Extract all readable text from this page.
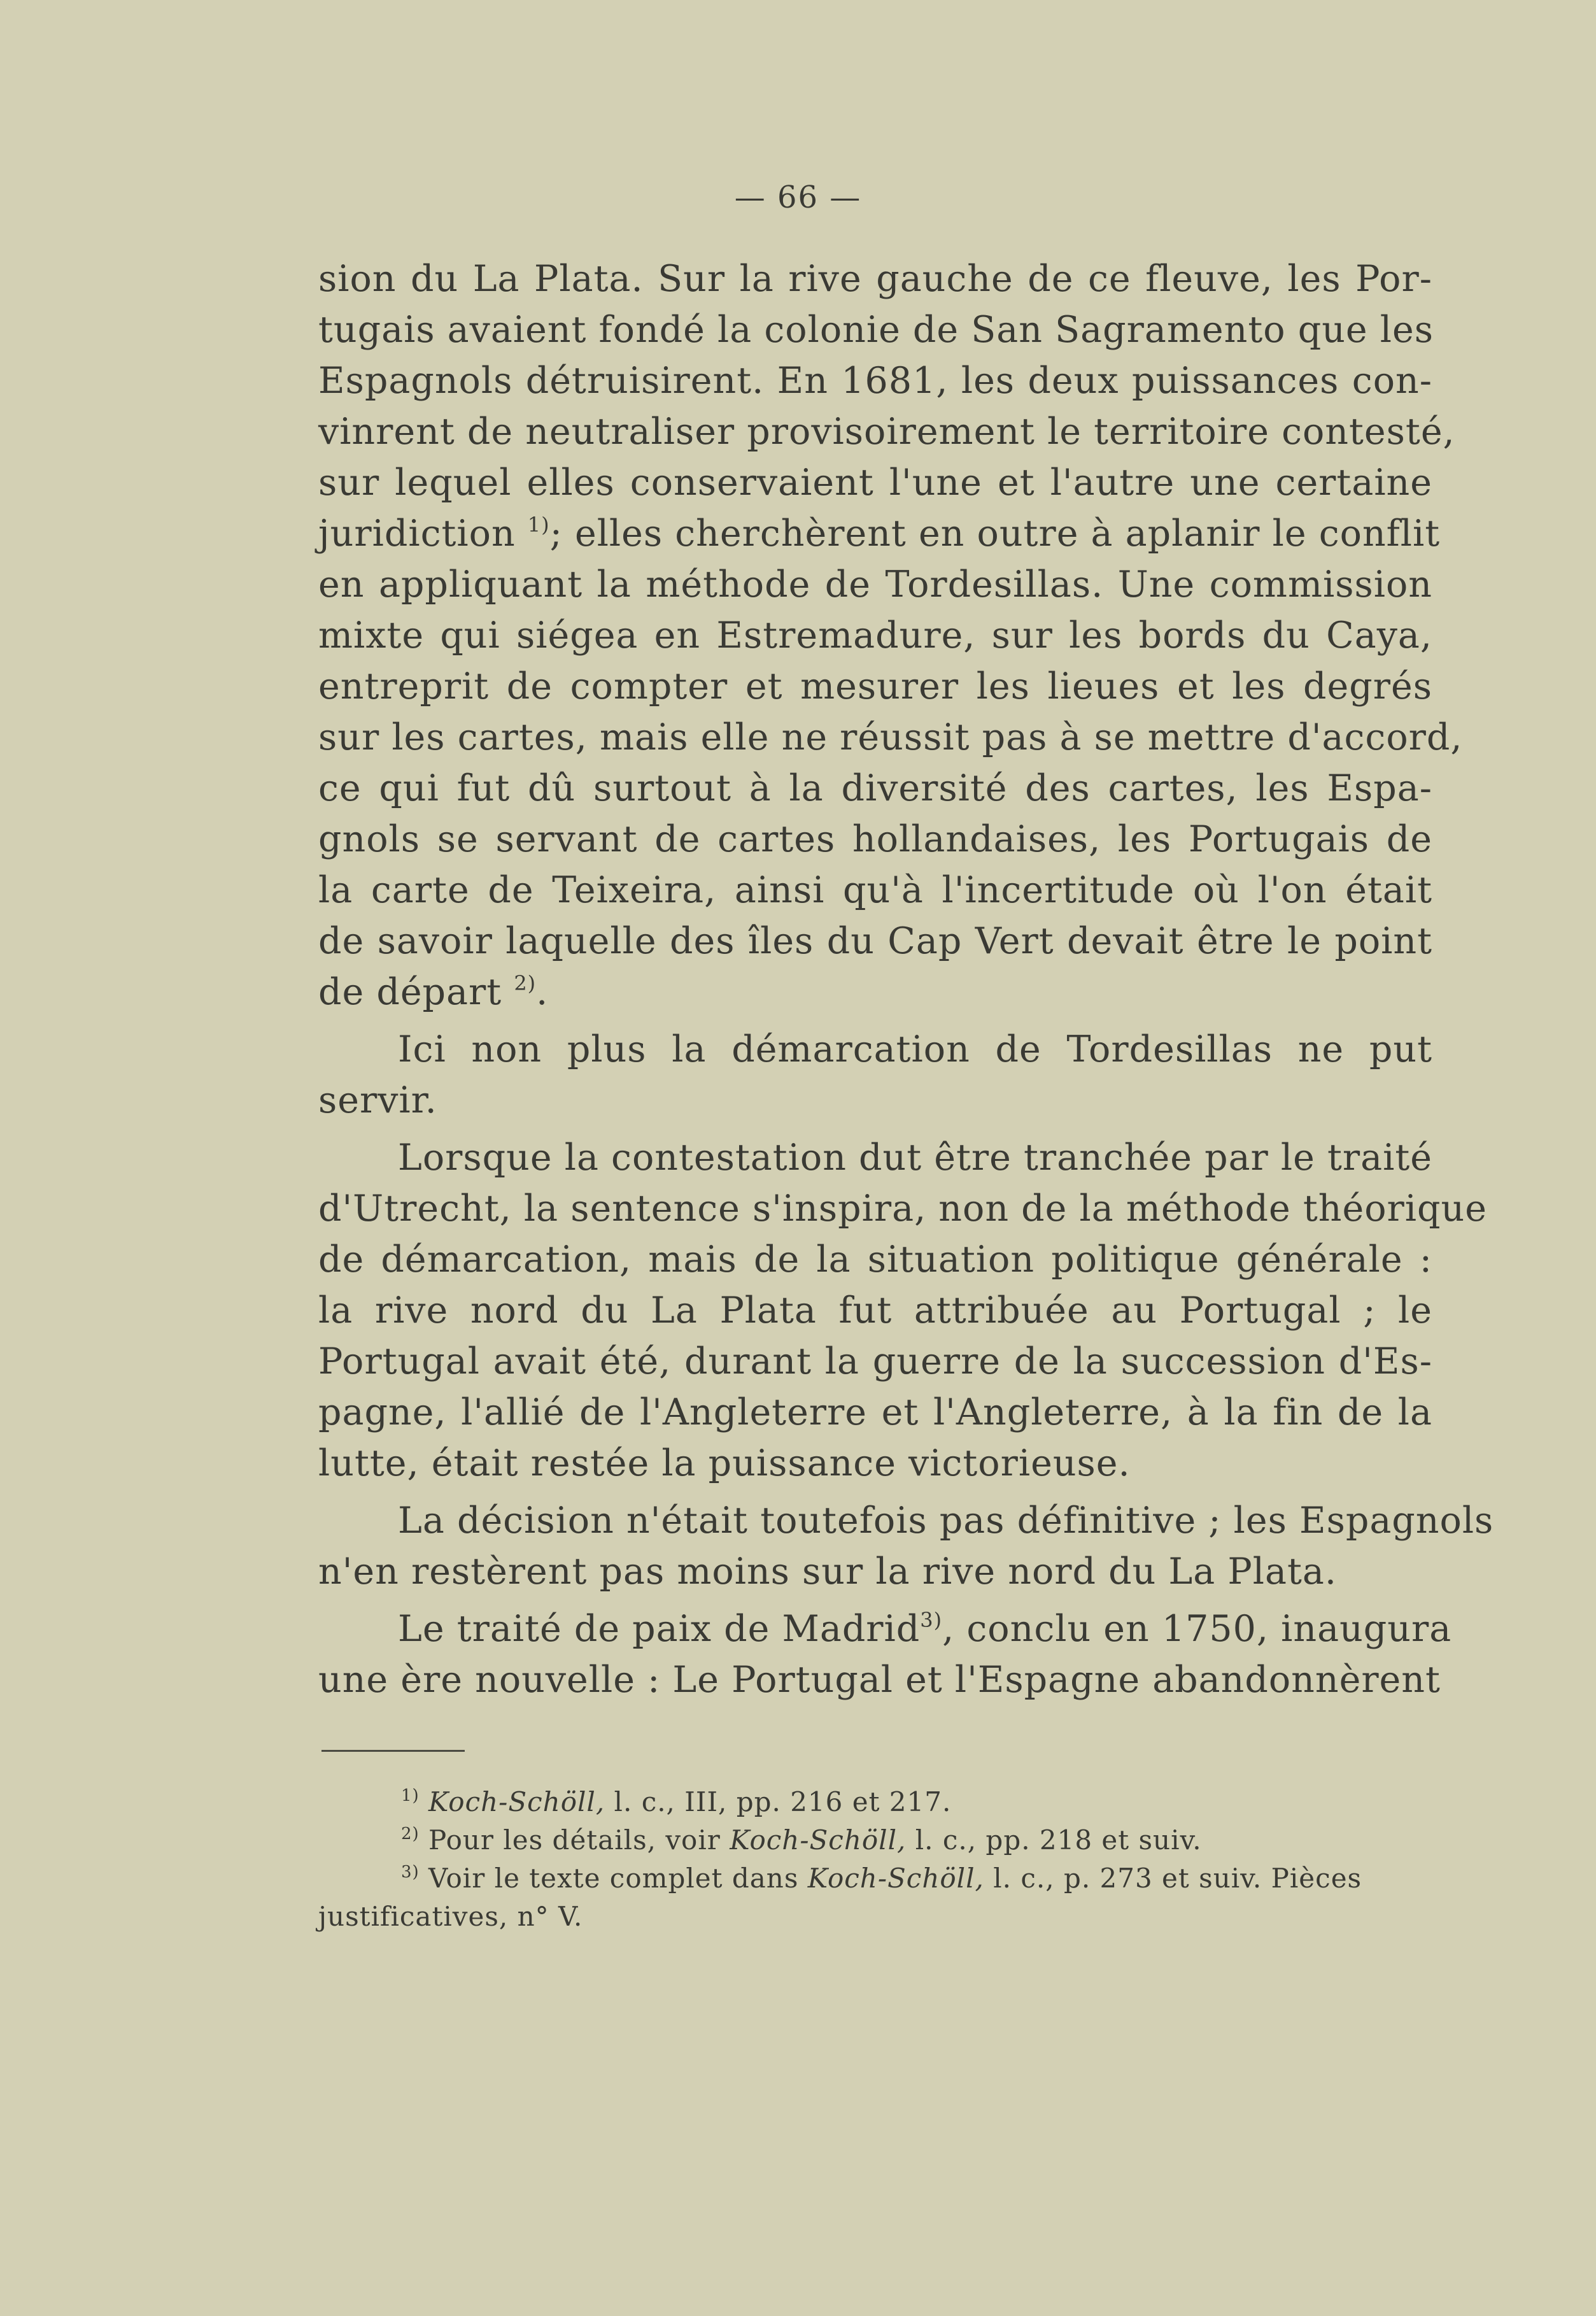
— 66 —
sion du La Plata. Sur la rive gauche de ce fleuve, les Por-
tugais avaient fondé la colonie de San Sagramento que les
Espagnols détruisirent. En 1681, les deux puissances con-
vinrent de neutraliser provisoirement le territoire contesté,
sur lequel elles conservaient l'une et l'autre une certaine
juridiction $^{1)}$; elles cherchèrent en outre à aplanir le conflit
en appliquant la méthode de Tordesillas. Une commission
mixte qui siégea en Estremadure, sur les bords du Caya,
entreprit de compter et mesurer les lieues et les degrés
sur les cartes, mais elle ne réussit pas à se mettre d'accord,
ce qui fut dû surtout à la diversité des cartes, les Espa-
gnols se servant de cartes hollandaises, les Portugais de
la carte de Teixeira, ainsi qu'à l'incertitude où l'on était
de savoir laquelle des îles du Cap Vert devait être le point
de départ $^{2)}$.
Ici non plus la démarcation de Tordesillas ne put
servir.
Lorsque la contestation dut être tranchée par le traité
d'Utrecht, la sentence s'inspira, non de la méthode théorique
de démarcation, mais de la situation politique générale :
la rive nord du La Plata fut attribuée au Portugal ; le
Portugal avait été, durant la guerre de la succession d'Es-
pagne, l'allié de l'Angleterre et l'Angleterre, à la fin de la
lutte, était restée la puissance victorieuse.
La décision n'était toutefois pas définitive ; les Espagnols
n'en restèrent pas moins sur la rive nord du La Plata.
Le traité de paix de Madrid$^{3)}$, conclu en 1750, inaugura
une ère nouvelle : Le Portugal et l'Espagne abandonnèrent
$^{1)}$ Koch-Schöll, l. c., III, pp. 216 et 217.
$^{2)}$ Pour les détails, voir Koch-Schöll, l. c., pp. 218 et suiv.
$^{3)}$ Voir le texte complet dans Koch-Schöll, l. c., p. 273 et suiv. Pièces
justificatives, n° V.
